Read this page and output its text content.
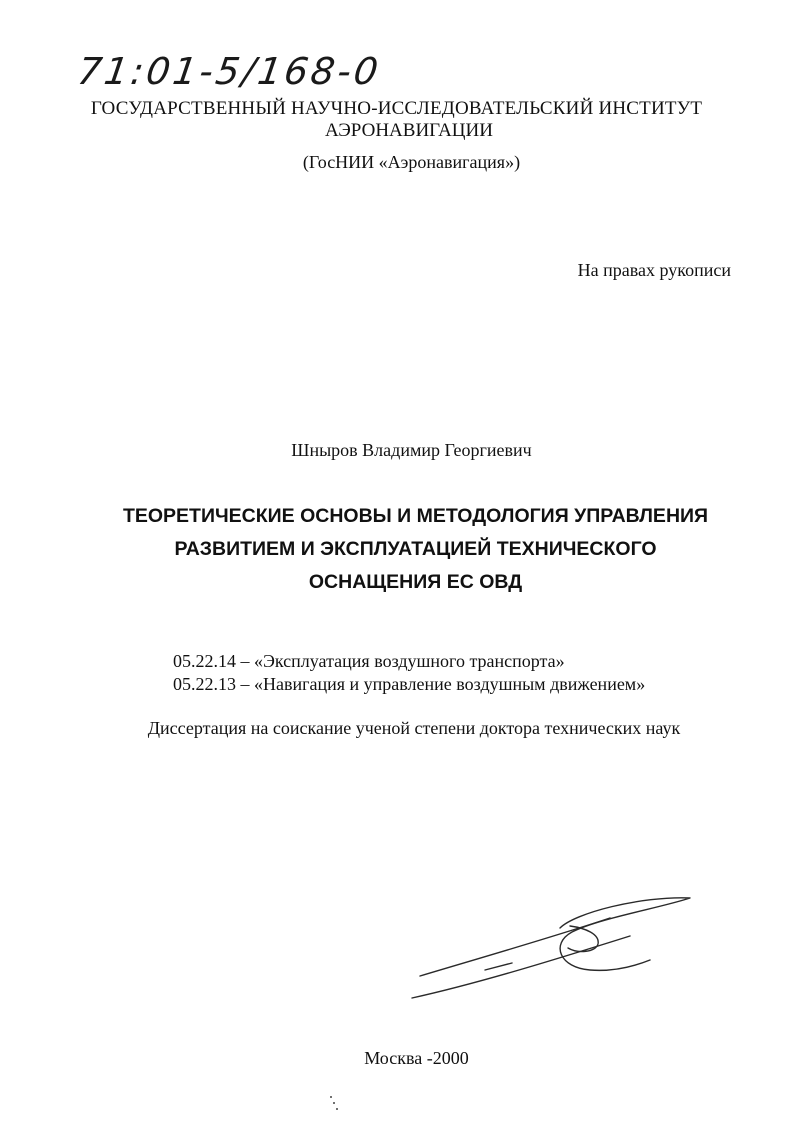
71:01-5/168-0
ГОСУДАРСТВЕННЫЙ НАУЧНО-ИССЛЕДОВАТЕЛЬСКИЙ ИНСТИТУТ
АЭРОНАВИГАЦИИ
(ГосНИИ «Аэронавигация»)
На правах рукописи
Шныров Владимир Георгиевич
ТЕОРЕТИЧЕСКИЕ ОСНОВЫ И МЕТОДОЛОГИЯ УПРАВЛЕНИЯ
РАЗВИТИЕМ И ЭКСПЛУАТАЦИЕЙ ТЕХНИЧЕСКОГО
ОСНАЩЕНИЯ ЕС ОВД
05.22.14 – «Эксплуатация воздушного транспорта»
05.22.13 – «Навигация и управление воздушным движением»
Диссертация на соискание ученой степени доктора технических наук
Москва -2000
